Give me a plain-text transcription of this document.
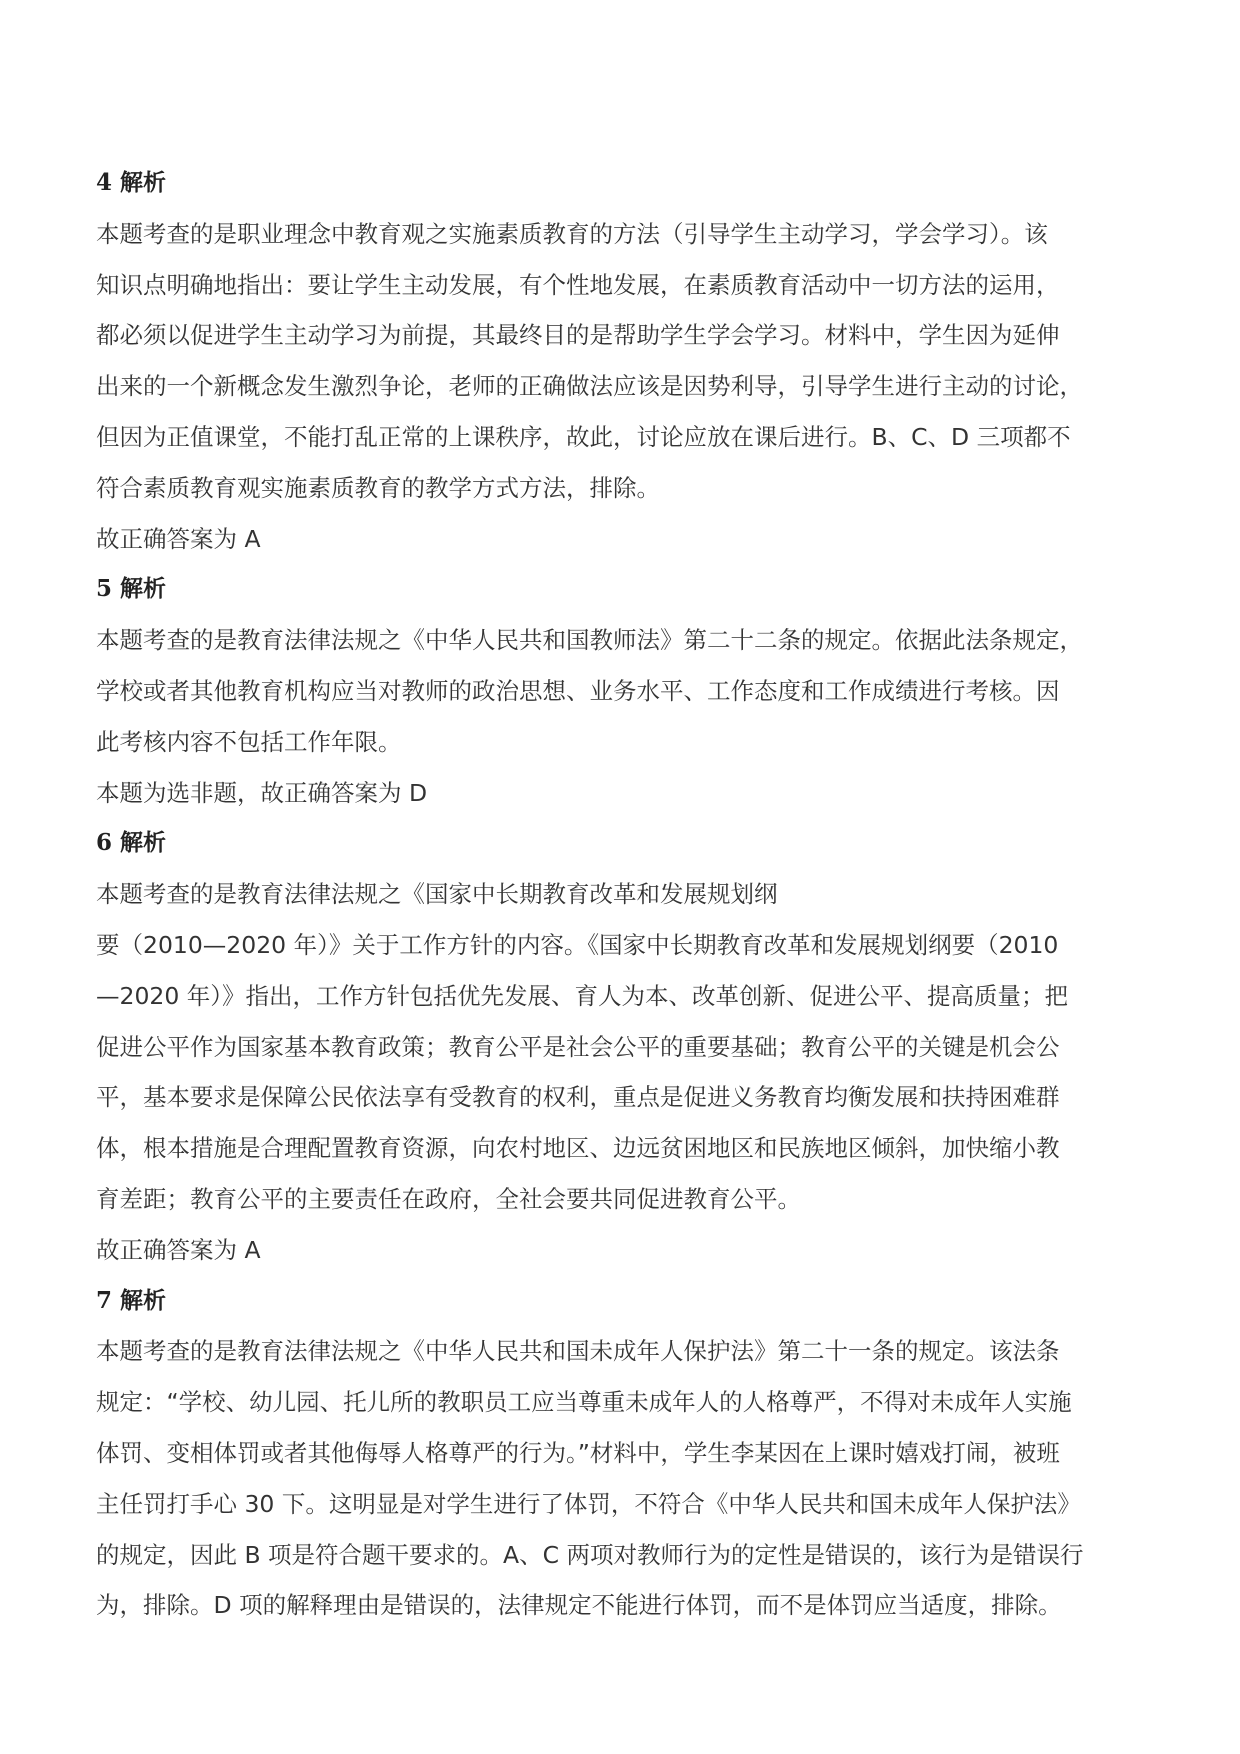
4 解析

本题考查的是职业理念中教育观之实施素质教育的方法（引导学生主动学习，学会学习）。该
知识点明确地指出：要让学生主动发展，有个性地发展，在素质教育活动中一切方法的运用，
都必须以促进学生主动学习为前提，其最终目的是帮助学生学会学习。材料中，学生因为延伸
出来的一个新概念发生激烈争论，老师的正确做法应该是因势利导，引导学生进行主动的讨论，
但因为正值课堂，不能打乱正常的上课秩序，故此，讨论应放在课后进行。B、C、D 三项都不
符合素质教育观实施素质教育的教学方式方法，排除。

故正确答案为 A

5 解析

本题考查的是教育法律法规之《中华人民共和国教师法》第二十二条的规定。依据此法条规定，
学校或者其他教育机构应当对教师的政治思想、业务水平、工作态度和工作成绩进行考核。因
此考核内容不包括工作年限。

本题为选非题，故正确答案为 D

6 解析

本题考查的是教育法律法规之《国家中长期教育改革和发展规划纲
要（2010—2020 年）》关于工作方针的内容。《国家中长期教育改革和发展规划纲要（2010
—2020 年）》指出，工作方针包括优先发展、育人为本、改革创新、促进公平、提高质量；把
促进公平作为国家基本教育政策；教育公平是社会公平的重要基础；教育公平的关键是机会公
平，基本要求是保障公民依法享有受教育的权利，重点是促进义务教育均衡发展和扶持困难群
体，根本措施是合理配置教育资源，向农村地区、边远贫困地区和民族地区倾斜，加快缩小教
育差距；教育公平的主要责任在政府，全社会要共同促进教育公平。

故正确答案为 A

7 解析

本题考查的是教育法律法规之《中华人民共和国未成年人保护法》第二十一条的规定。该法条
规定：“学校、幼儿园、托儿所的教职员工应当尊重未成年人的人格尊严，不得对未成年人实施
体罚、变相体罚或者其他侮辱人格尊严的行为。”材料中，学生李某因在上课时嬉戏打闹，被班
主任罚打手心 30 下。这明显是对学生进行了体罚，不符合《中华人民共和国未成年人保护法》
的规定，因此 B 项是符合题干要求的。A、C 两项对教师行为的定性是错误的，该行为是错误行
为，排除。D 项的解释理由是错误的，法律规定不能进行体罚，而不是体罚应当适度，排除。
